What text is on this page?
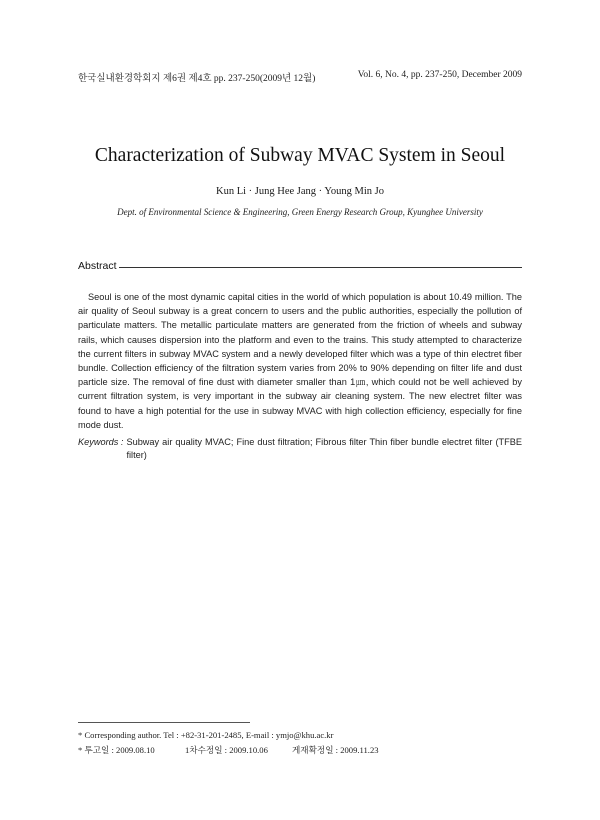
한국실내환경학회지 제6권 제4호 pp. 237-250(2009년 12월)	Vol. 6, No. 4, pp. 237-250, December 2009
Characterization of Subway MVAC System in Seoul
Kun Li · Jung Hee Jang · Young Min Jo
Dept. of Environmental Science & Engineering, Green Energy Research Group, Kyunghee University
Abstract

Seoul is one of the most dynamic capital cities in the world of which population is about 10.49 million. The air quality of Seoul subway is a great concern to users and the public authorities, especially the pollution of particulate matters. The metallic particulate matters are generated from the friction of wheels and subway rails, which causes dispersion into the platform and even to the trains. This study attempted to characterize the current filters in subway MVAC system and a newly developed filter which was a type of thin electret fiber bundle. Collection efficiency of the filtration system varies from 20% to 90% depending on filter life and dust particle size. The removal of fine dust with diameter smaller than 1㎛, which could not be well achieved by current filtration system, is very important in the subway air cleaning system. The new electret filter was found to have a high potential for the use in subway MVAC with high collection efficiency, especially for fine mode dust.

Keywords : Subway air quality MVAC; Fine dust filtration; Fibrous filter Thin fiber bundle electret filter (TFBE filter)
* Corresponding author. Tel : +82-31-201-2485, E-mail : ymjo@khu.ac.kr
* 투고일 : 2009.08.10	1차수정일 : 2009.10.06	게재확정일 : 2009.11.23
